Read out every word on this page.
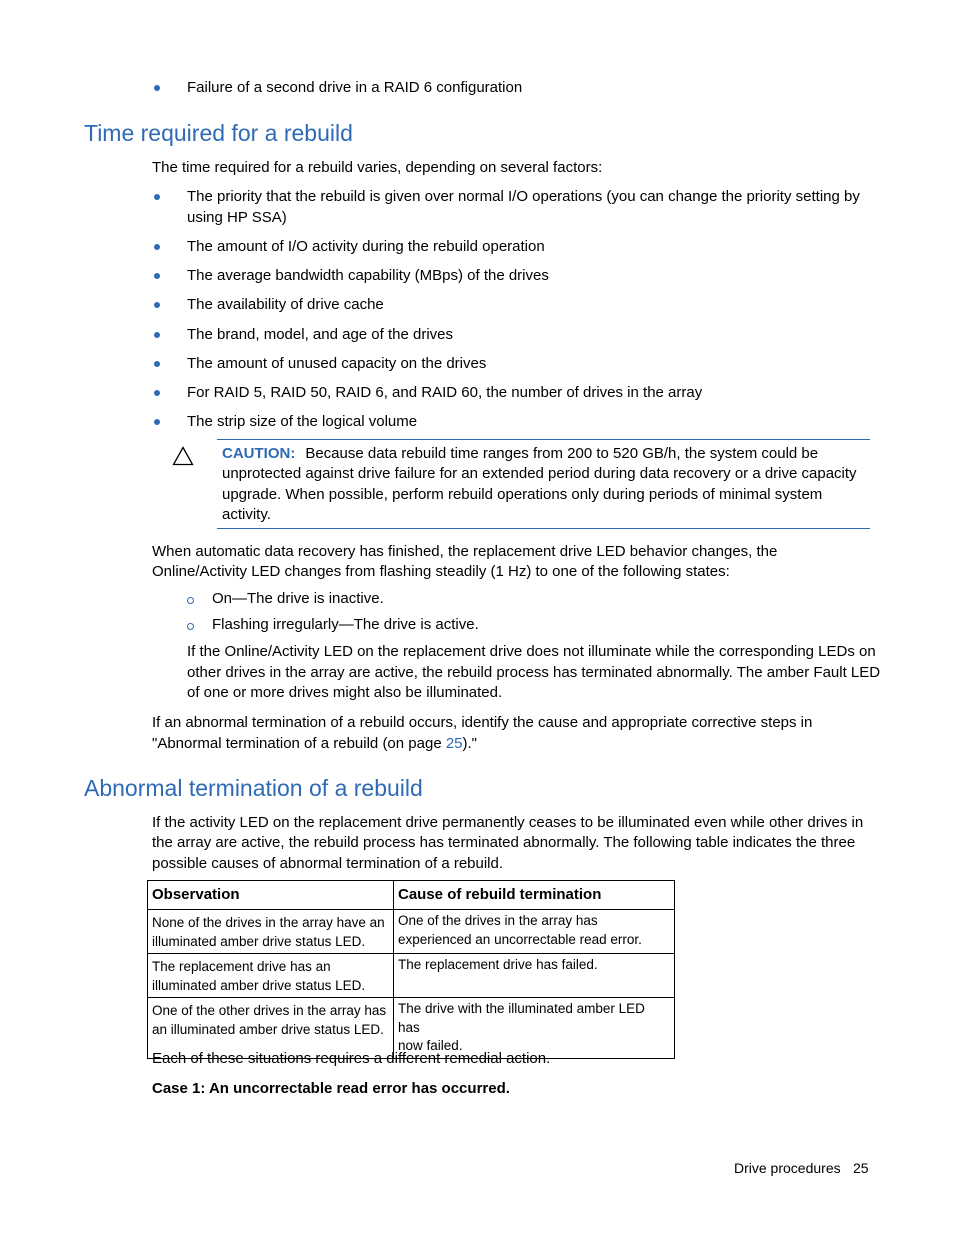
Failure of a second drive in a RAID 6 configuration
Time required for a rebuild
The time required for a rebuild varies, depending on several factors:
The priority that the rebuild is given over normal I/O operations (you can change the priority setting by
using HP SSA)
The amount of I/O activity during the rebuild operation
The average bandwidth capability (MBps) of the drives
The availability of drive cache
The brand, model, and age of the drives
The amount of unused capacity on the drives
For RAID 5, RAID 50, RAID 6, and RAID 60, the number of drives in the array
The strip size of the logical volume
CAUTION: Because data rebuild time ranges from 200 to 520 GB/h, the system could be
unprotected against drive failure for an extended period during data recovery or a drive capacity
upgrade. When possible, perform rebuild operations only during periods of minimal system
activity.
When automatic data recovery has finished, the replacement drive LED behavior changes, the
Online/Activity LED changes from flashing steadily (1 Hz) to one of the following states:
On—The drive is inactive.
Flashing irregularly—The drive is active.
If the Online/Activity LED on the replacement drive does not illuminate while the corresponding LEDs on
other drives in the array are active, the rebuild process has terminated abnormally. The amber Fault LED
of one or more drives might also be illuminated.
If an abnormal termination of a rebuild occurs, identify the cause and appropriate corrective steps in
"Abnormal termination of a rebuild (on page 25)."
Abnormal termination of a rebuild
If the activity LED on the replacement drive permanently ceases to be illuminated even while other drives in
the array are active, the rebuild process has terminated abnormally. The following table indicates the three
possible causes of abnormal termination of a rebuild.
Observation	Cause of rebuild termination
None of the drives in the array have an
illuminated amber drive status LED.	One of the drives in the array has
experienced an uncorrectable read error.
The replacement drive has an
illuminated amber drive status LED.	The replacement drive has failed.
One of the other drives in the array has
an illuminated amber drive status LED.	The drive with the illuminated amber LED has
now failed.
Each of these situations requires a different remedial action.
Case 1: An uncorrectable read error has occurred.
Drive procedures 25
